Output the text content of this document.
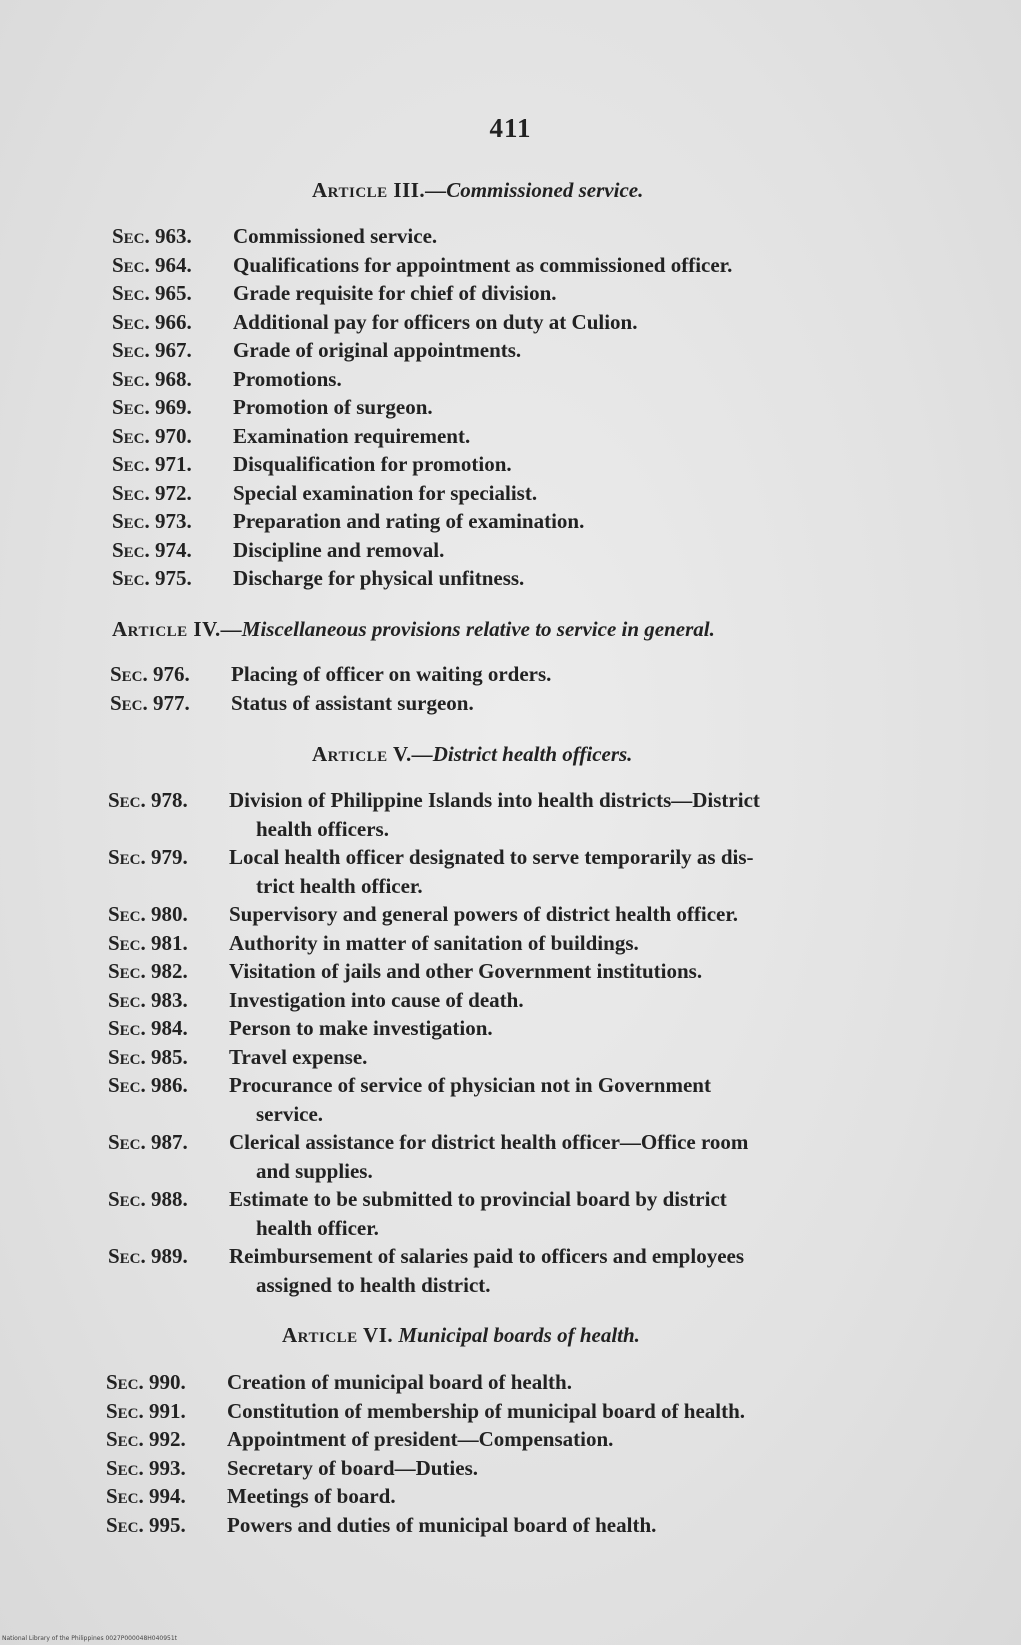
411
Article III.—Commissioned service.
Sec. 963.	Commissioned service.
Sec. 964.	Qualifications for appointment as commissioned officer.
Sec. 965.	Grade requisite for chief of division.
Sec. 966.	Additional pay for officers on duty at Culion.
Sec. 967.	Grade of original appointments.
Sec. 968.	Promotions.
Sec. 969.	Promotion of surgeon.
Sec. 970.	Examination requirement.
Sec. 971.	Disqualification for promotion.
Sec. 972.	Special examination for specialist.
Sec. 973.	Preparation and rating of examination.
Sec. 974.	Discipline and removal.
Sec. 975.	Discharge for physical unfitness.
Article IV.—Miscellaneous provisions relative to service in general.
Sec. 976.	Placing of officer on waiting orders.
Sec. 977.	Status of assistant surgeon.
Article V.—District health officers.
Sec. 978.	Division of Philippine Islands into health districts—District
health officers.
Sec. 979.	Local health officer designated to serve temporarily as dis-
trict health officer.
Sec. 980.	Supervisory and general powers of district health officer.
Sec. 981.	Authority in matter of sanitation of buildings.
Sec. 982.	Visitation of jails and other Government institutions.
Sec. 983.	Investigation into cause of death.
Sec. 984.	Person to make investigation.
Sec. 985.	Travel expense.
Sec. 986.	Procurance of service of physician not in Government
service.
Sec. 987.	Clerical assistance for district health officer—Office room
and supplies.
Sec. 988.	Estimate to be submitted to provincial board by district
health officer.
Sec. 989.	Reimbursement of salaries paid to officers and employees
assigned to health district.
Article VI. Municipal boards of health.
Sec. 990.	Creation of municipal board of health.
Sec. 991.	Constitution of membership of municipal board of health.
Sec. 992.	Appointment of president—Compensation.
Sec. 993.	Secretary of board—Duties.
Sec. 994.	Meetings of board.
Sec. 995.	Powers and duties of municipal board of health.
National Library of the Philippines 0027P000048H040951t
